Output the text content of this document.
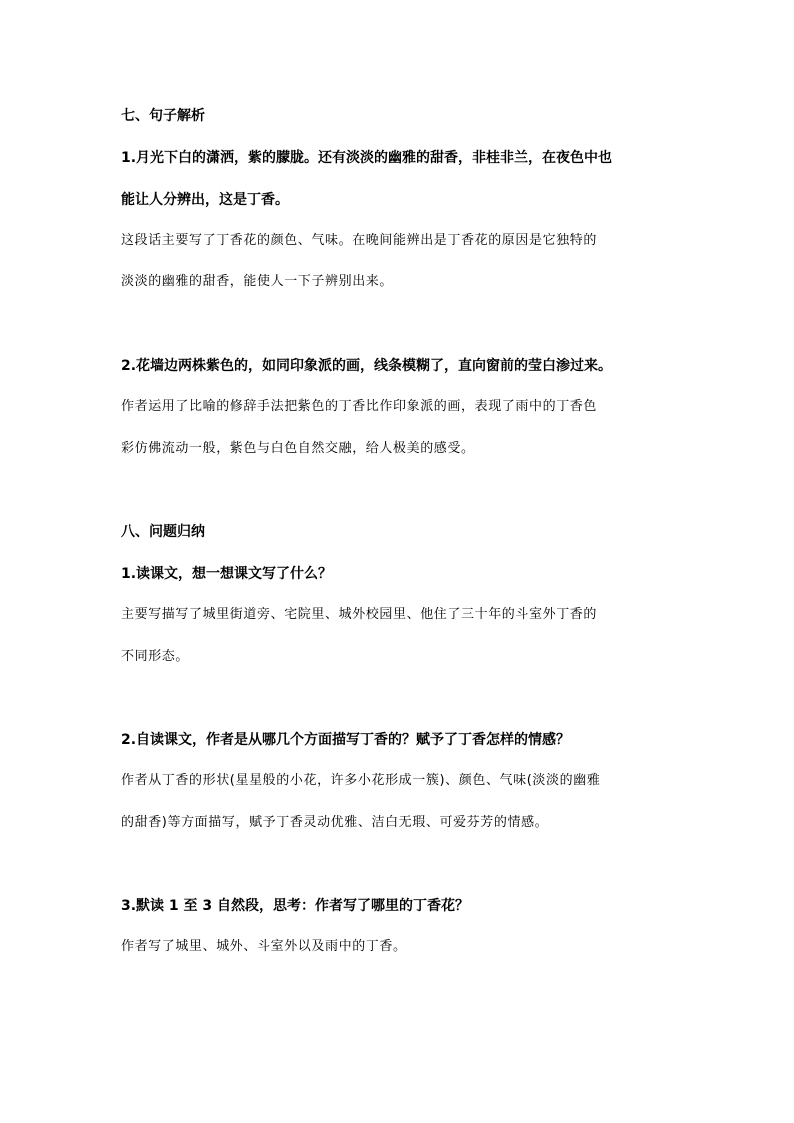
七、句子解析
1.月光下白的潇洒，紫的朦胧。还有淡淡的幽雅的甜香，非桂非兰，在夜色中也
能让人分辨出，这是丁香。
这段话主要写了丁香花的颜色、气味。在晚间能辨出是丁香花的原因是它独特的
淡淡的幽雅的甜香，能使人一下子辨别出来。
2.花墙边两株紫色的，如同印象派的画，线条模糊了，直向窗前的莹白渗过来。
作者运用了比喻的修辞手法把紫色的丁香比作印象派的画，表现了雨中的丁香色
彩仿佛流动一般，紫色与白色自然交融，给人极美的感受。
八、问题归纳
1.读课文，想一想课文写了什么？
主要写描写了城里街道旁、宅院里、城外校园里、他住了三十年的斗室外丁香的
不同形态。
2.自读课文，作者是从哪几个方面描写丁香的？赋予了丁香怎样的情感？
作者从丁香的形状(星星般的小花，许多小花形成一簇)、颜色、气味(淡淡的幽雅
的甜香)等方面描写，赋予丁香灵动优雅、洁白无瑕、可爱芬芳的情感。
3.默读 1 至 3 自然段，思考：作者写了哪里的丁香花？
作者写了城里、城外、斗室外以及雨中的丁香。
